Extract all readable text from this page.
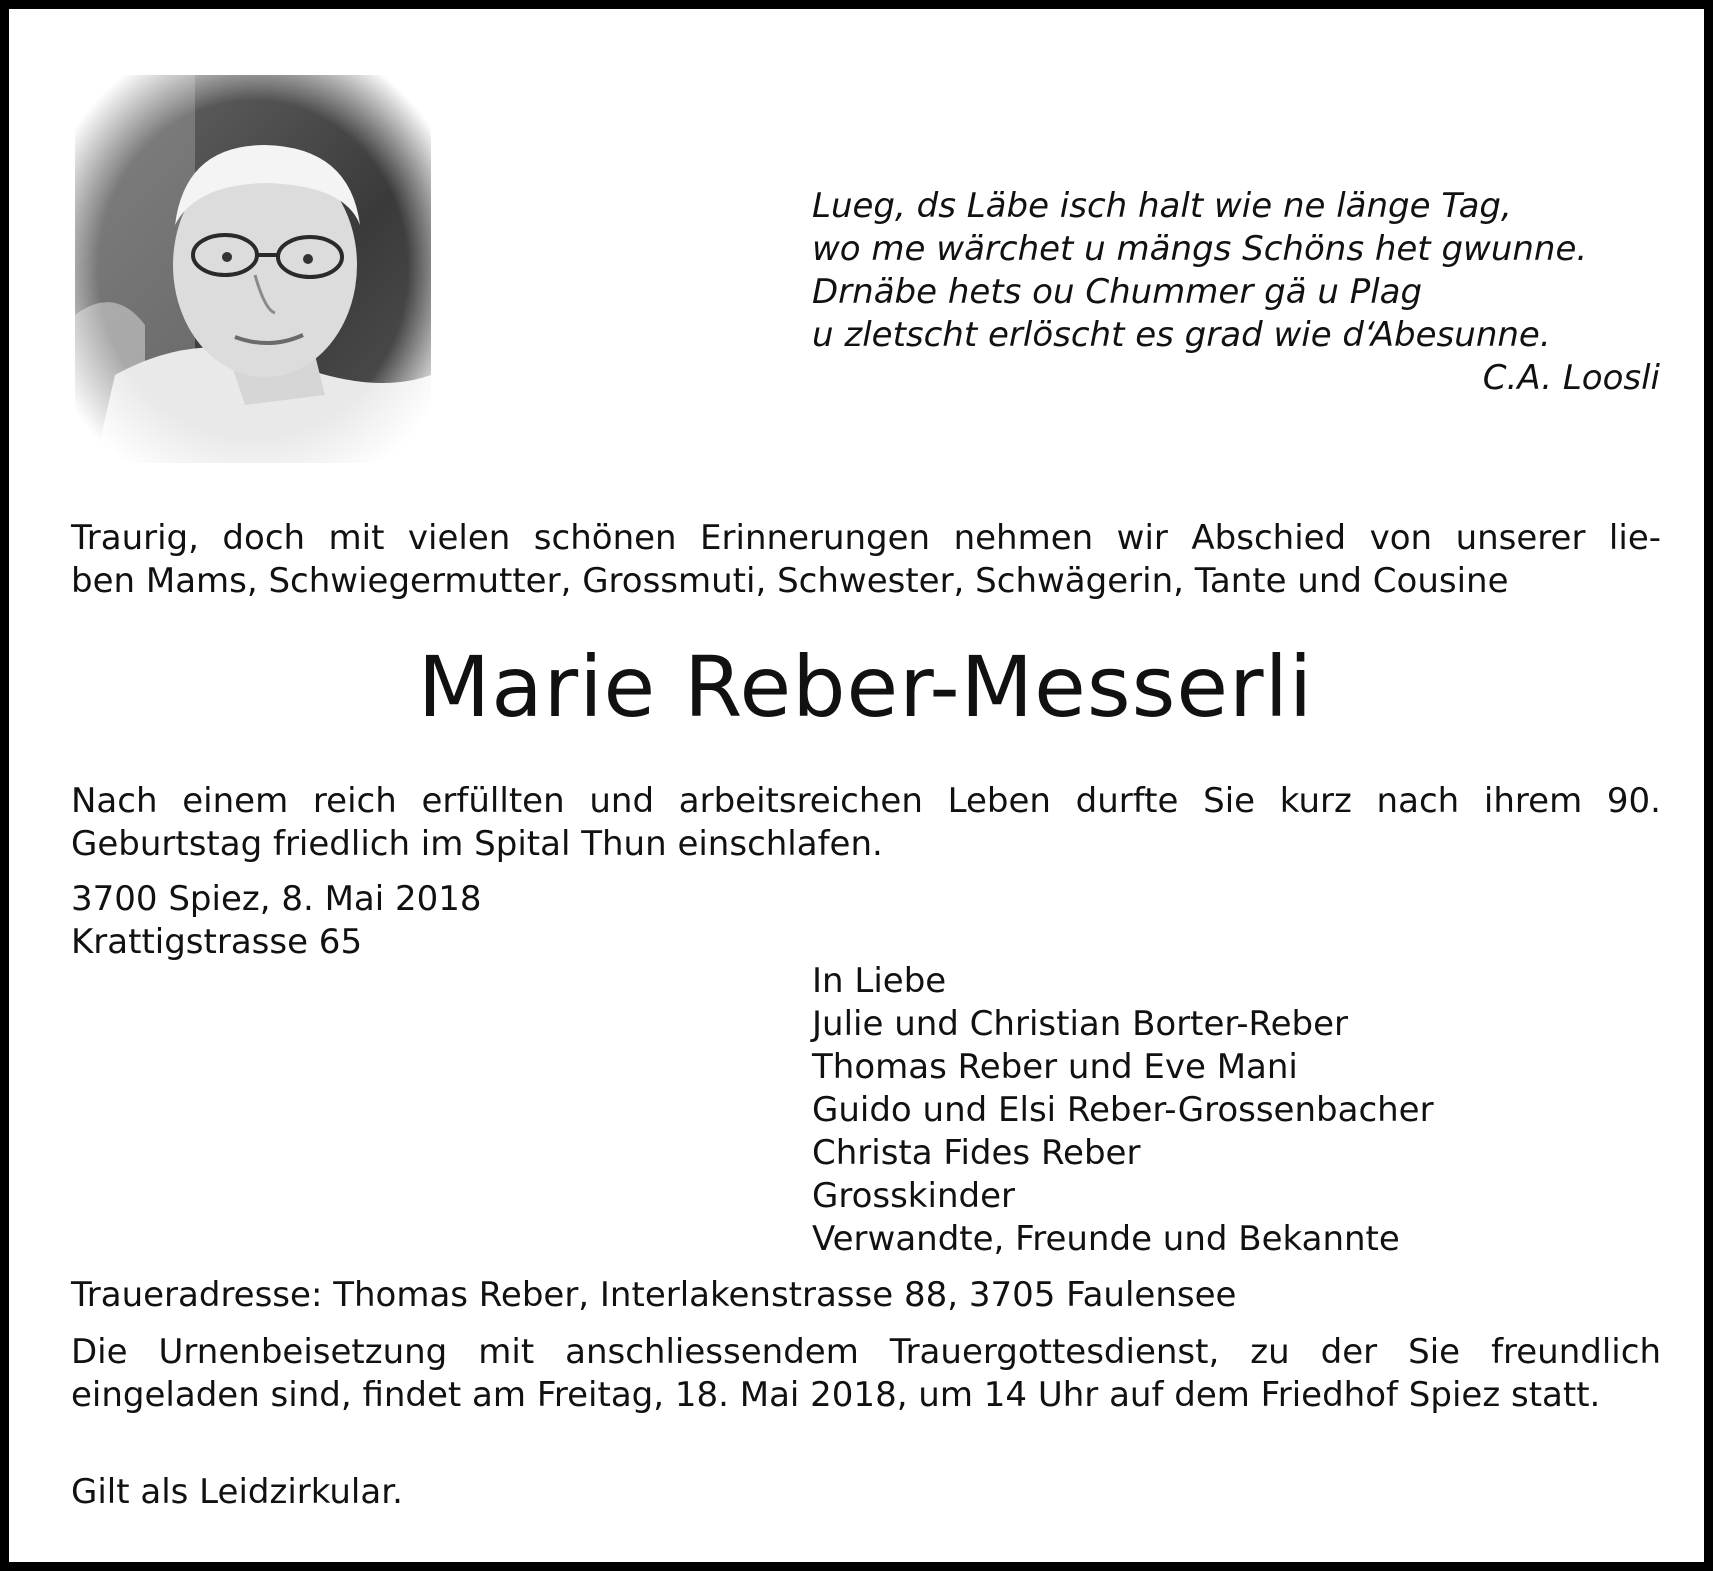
Lueg, ds Läbe isch halt wie ne länge Tag,
wo me wärchet u mängs Schöns het gwunne.
Drnäbe hets ou Chummer gä u Plag
u zletscht erlöscht es grad wie d‘Abesunne.
C.A. Loosli
Traurig, doch mit vielen schönen Erinnerungen nehmen wir Abschied von unserer lie-
ben Mams, Schwiegermutter, Grossmuti, Schwester, Schwägerin, Tante und Cousine
Marie Reber-Messerli
Nach einem reich erfüllten und arbeitsreichen Leben durfte Sie kurz nach ihrem 90. Geburtstag friedlich im Spital Thun einschlafen.
3700 Spiez, 8. Mai 2018
Krattigstrasse 65
In Liebe
Julie und Christian Borter-Reber
Thomas Reber und Eve Mani
Guido und Elsi Reber-Grossenbacher
Christa Fides Reber
Grosskinder
Verwandte, Freunde und Bekannte
Traueradresse: Thomas Reber, Interlakenstrasse 88, 3705 Faulensee
Die Urnenbeisetzung mit anschliessendem Trauergottesdienst, zu der Sie freundlich eingeladen sind, findet am Freitag, 18. Mai 2018, um 14 Uhr auf dem Friedhof Spiez statt.
Gilt als Leidzirkular.
